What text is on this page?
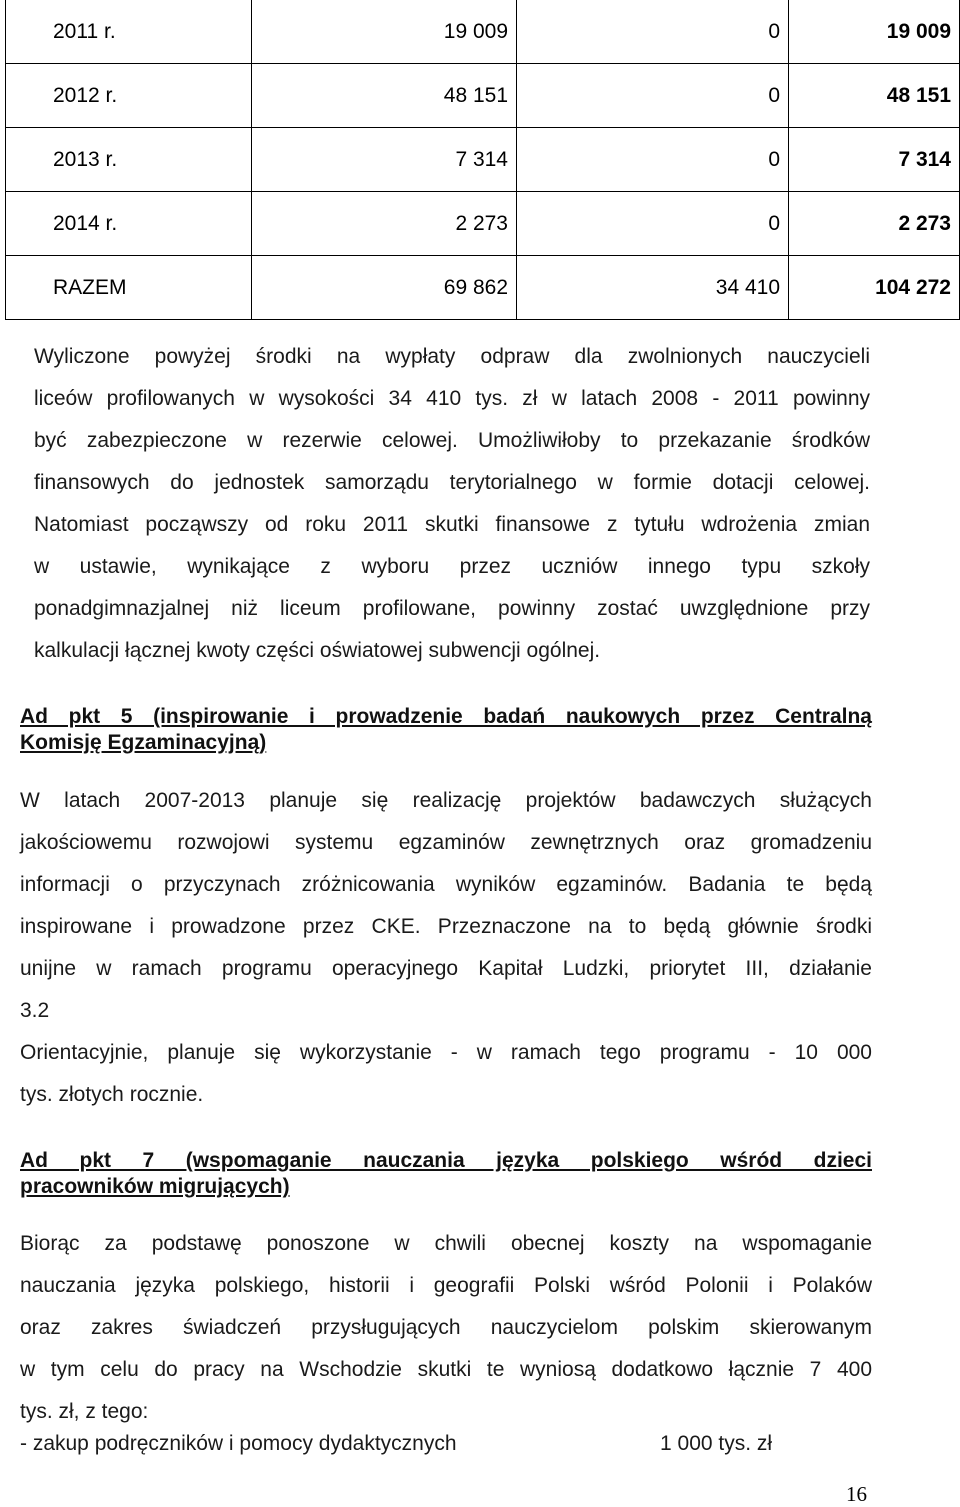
2011 r.	19 009	0	19 009
2012 r.	48 151	0	48 151
2013 r.	7 314	0	7 314
2014 r.	2 273	0	2 273
RAZEM	69 862	34 410	104 272
Wyliczone powyżej środki na wypłaty odpraw dla zwolnionych nauczycieli
liceów profilowanych w wysokości 34 410 tys. zł w latach 2008 - 2011 powinny
być zabezpieczone w rezerwie celowej. Umożliwiłoby to przekazanie środków
finansowych do jednostek samorządu terytorialnego w formie dotacji celowej.
Natomiast począwszy od roku 2011 skutki finansowe z tytułu wdrożenia zmian
w ustawie, wynikające z wyboru przez uczniów innego typu szkoły
ponadgimnazjalnej niż liceum profilowane, powinny zostać uwzględnione przy
kalkulacji łącznej kwoty części oświatowej subwencji ogólnej.
Ad pkt 5 (inspirowanie i prowadzenie badań naukowych przez Centralną
Komisję Egzaminacyjną)
W latach 2007-2013 planuje się realizację projektów badawczych służących
jakościowemu rozwojowi systemu egzaminów zewnętrznych oraz gromadzeniu
informacji o przyczynach zróżnicowania wyników egzaminów. Badania te będą
inspirowane i prowadzone przez CKE. Przeznaczone na to będą głównie środki
unijne w ramach programu operacyjnego Kapitał Ludzki, priorytet III, działanie
3.2
Orientacyjnie, planuje się wykorzystanie - w ramach tego programu - 10 000
tys. złotych rocznie.
Ad pkt 7 (wspomaganie nauczania języka polskiego wśród dzieci
pracowników migrujących)
Biorąc za podstawę ponoszone w chwili obecnej koszty na wspomaganie
nauczania języka polskiego, historii i geografii Polski wśród Polonii i Polaków
oraz zakres świadczeń przysługujących nauczycielom polskim skierowanym
w tym celu do pracy na Wschodzie skutki te wyniosą dodatkowo łącznie 7 400
tys. zł, z tego:
- zakup podręczników i pomocy dydaktycznych	1 000 tys. zł
16
